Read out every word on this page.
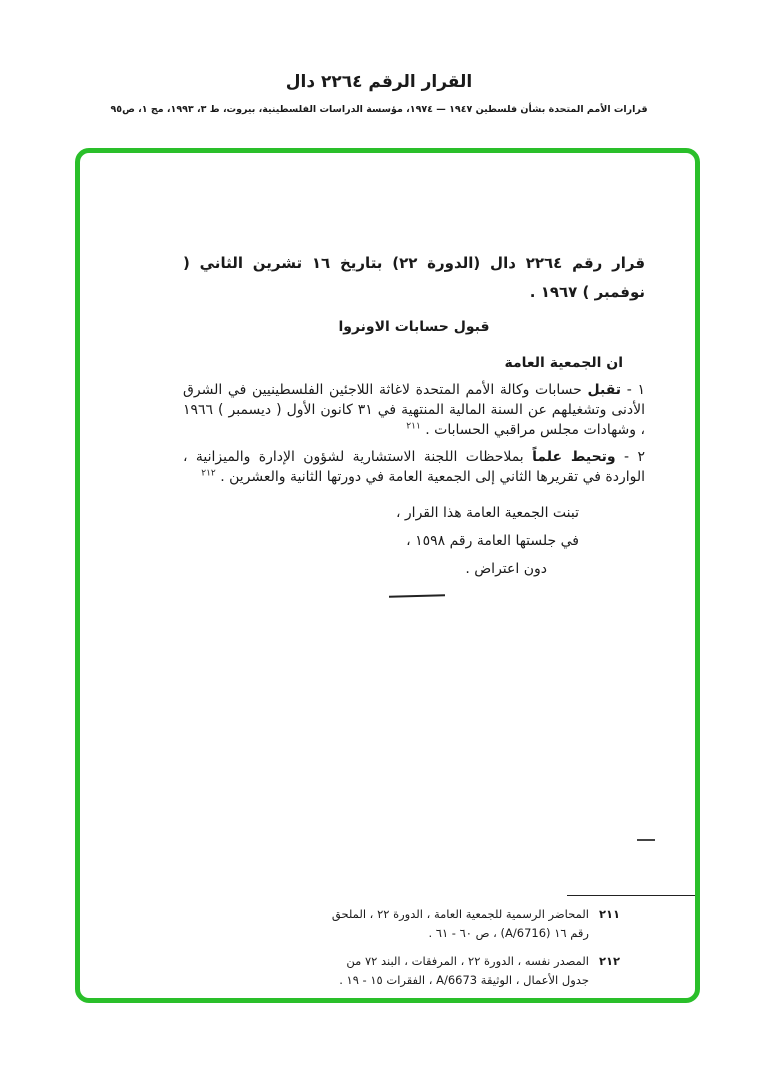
القرار الرقم ٢٢٦٤ دال
قرارات الأمم المتحدة بشأن فلسطين ١٩٤٧ — ١٩٧٤، مؤسسة الدراسات الفلسطينية، بيروت، ط ٣، ١٩٩٣، مج ١، ص٩٥

قرار رقم ٢٢٦٤ دال (الدورة ٢٢) بتاريخ ١٦ تشرين الثاني ( نوفمبر ) ١٩٦٧ .

قبول حسابات الاونروا

ان الجمعية العامة

١ - تقبل حسابات وكالة الأمم المتحدة لاغاثة اللاجئين الفلسطينيين في الشرق الأدنى وتشغيلهم عن السنة المالية المنتهية في ٣١ كانون الأول ( ديسمبر ) ١٩٦٦ ، وشهادات مجلس مراقبي الحسابات . $^{٢١١}$

٢ - وتحيط علماً بملاحظات اللجنة الاستشارية لشؤون الإدارة والميزانية ، الواردة في تقريرها الثاني إلى الجمعية العامة في دورتها الثانية والعشرين . $^{٢١٢}$

تبنت الجمعية العامة هذا القرار ،
في جلستها العامة رقم ١٥٩٨ ،
دون اعتراض .
٢١١
المحاضر الرسمية للجمعية العامة ، الدورة ٢٢ ، الملحق رقم ١٦ (A/6716) ، ص ٦٠ - ٦١ .
٢١٢
المصدر نفسه ، الدورة ٢٢ ، المرفقات ، البند ٧٢ من جدول الأعمال ، الوثيقة A/6673 ، الفقرات ١٥ - ١٩ .
